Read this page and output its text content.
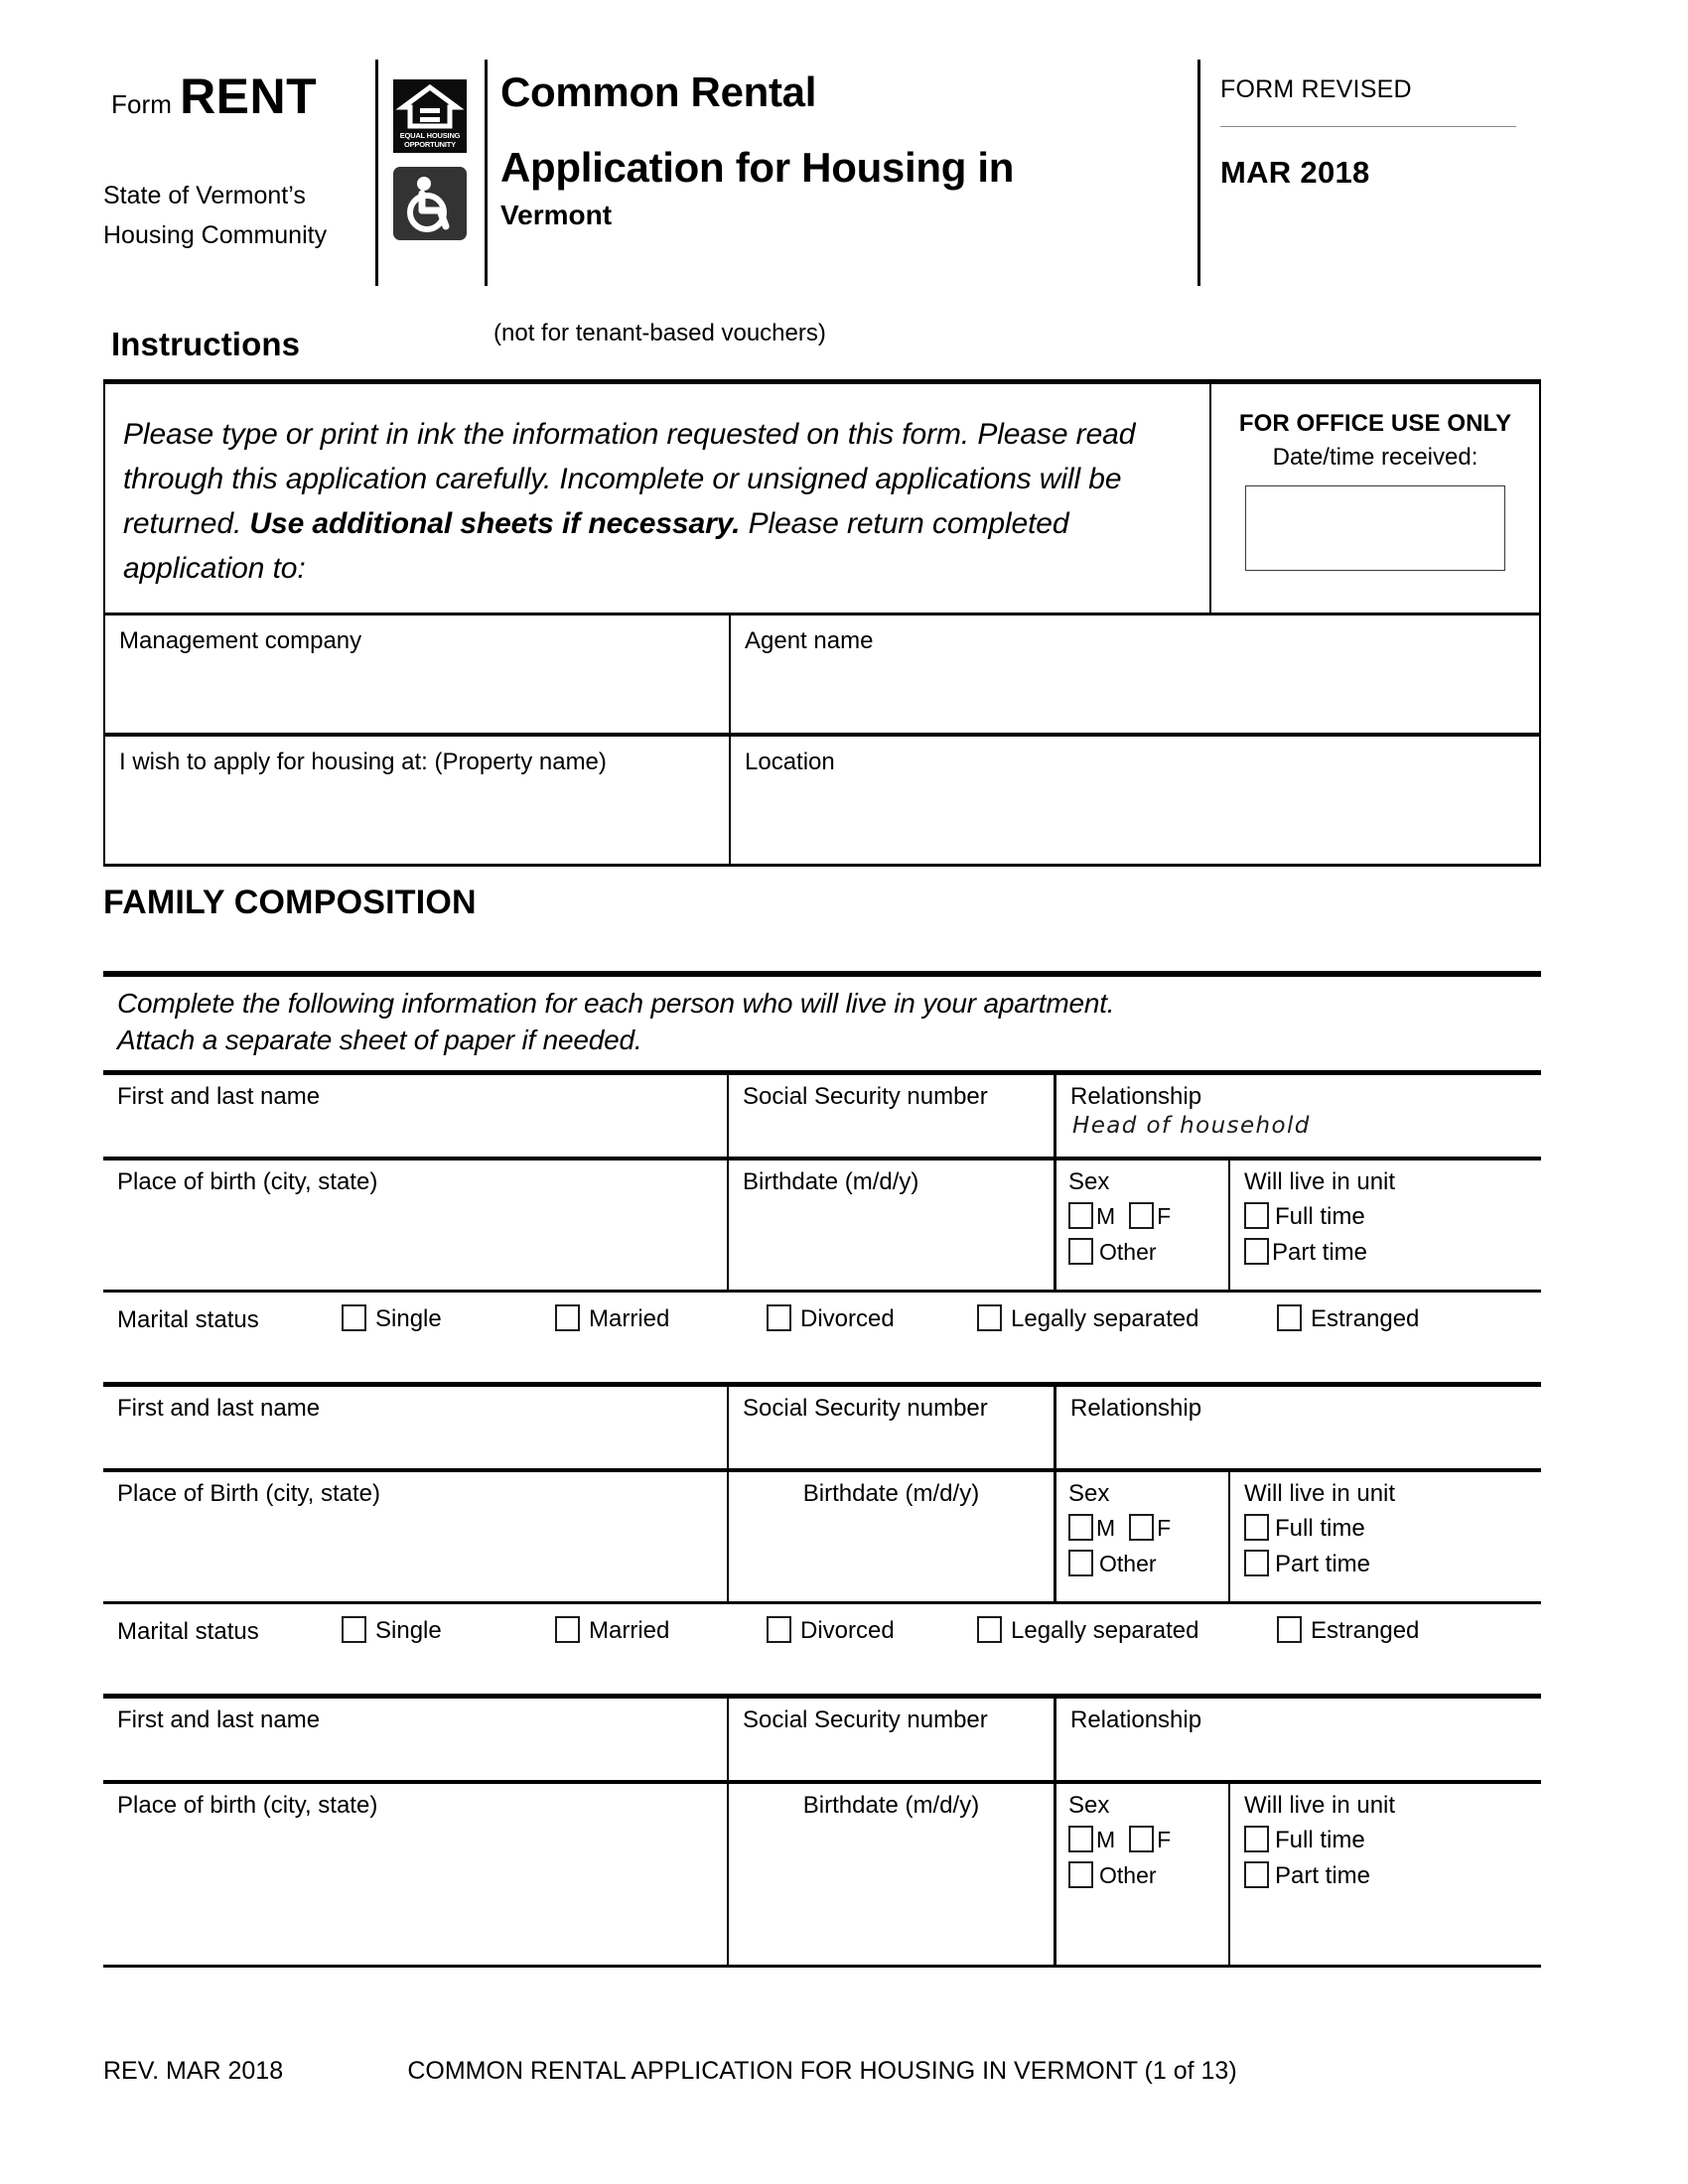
Form RENT
State of Vermont’s
Housing Community
EQUAL HOUSING
OPPORTUNITY
Common Rental
Application for Housing in
Vermont
FORM REVISED
MAR 2018
Instructions	(not for tenant-based vouchers)
Please type or print in ink the information requested on this form. Please read through this application carefully. Incomplete or unsigned applications will be returned. Use additional sheets if necessary. Please return completed application to:
FOR OFFICE USE ONLY
Date/time received:
Management company	Agent name
I wish to apply for housing at: (Property name)	Location
FAMILY COMPOSITION
Complete the following information for each person who will live in your apartment.
Attach a separate sheet of paper if needed.
First and last name	Social Security number	Relationship
Head of household
Place of birth (city, state)	Birthdate (m/d/y)	Sex
M F
Other
Will live in unit
Full time
Part time
Marital status	Single	Married	Divorced	Legally separated	Estranged
First and last name	Social Security number	Relationship
Place of Birth (city, state)	Birthdate (m/d/y)	Sex
M F
Other
Will live in unit
Full time
Part time
Marital status	Single	Married	Divorced	Legally separated	Estranged
First and last name	Social Security number	Relationship
Place of birth (city, state)	Birthdate (m/d/y)	Sex
M F
Other
Will live in unit
Full time
Part time
REV. MAR 2018	COMMON RENTAL APPLICATION FOR HOUSING IN VERMONT (1 of 13)
